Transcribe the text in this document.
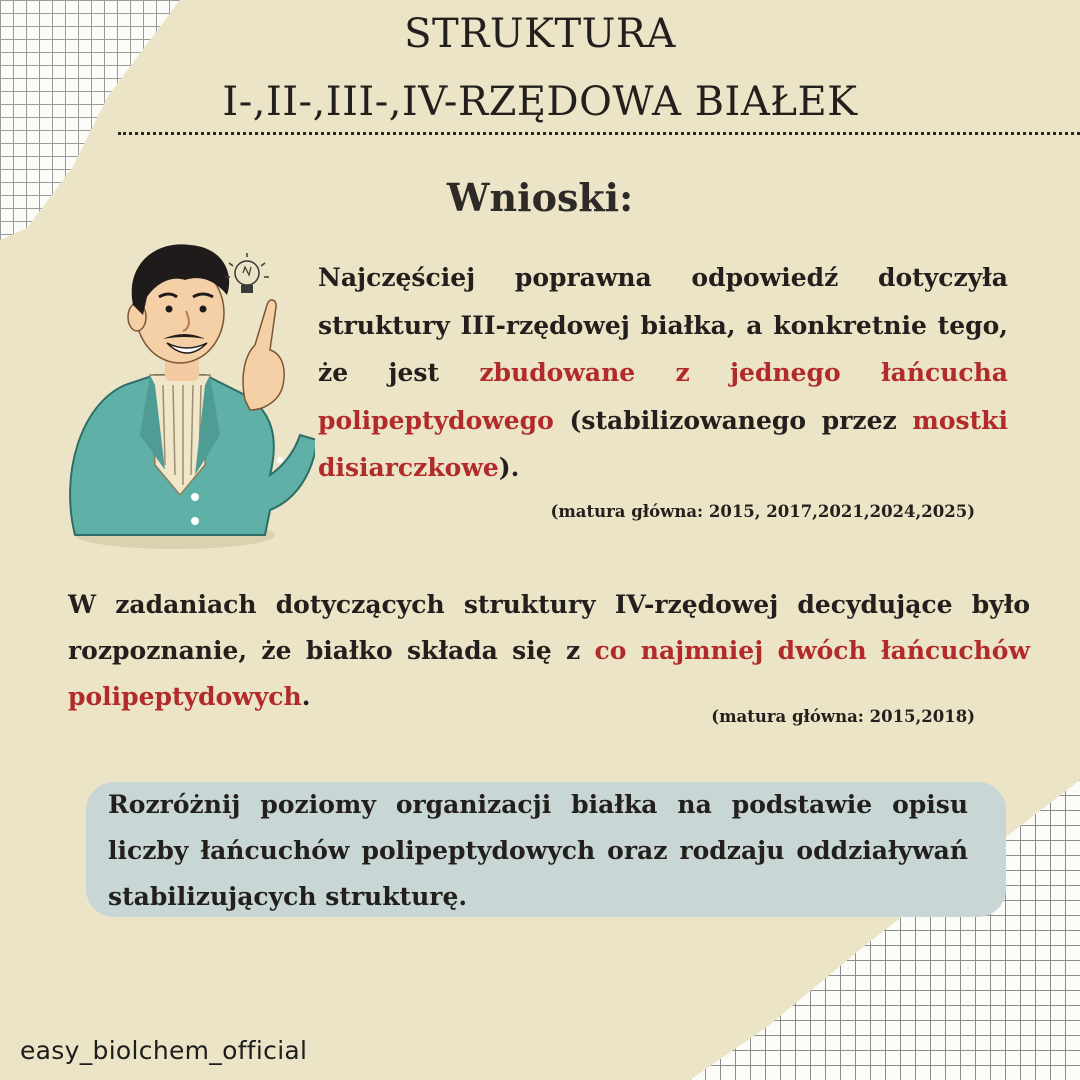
STRUKTURA
I-,II-,III-,IV-RZĘDOWA BIAŁEK
Wnioski:
Najczęściej poprawna odpowiedź dotyczyła struktury III-rzędowej białka, a konkretnie tego, że jest zbudowane z jednego łańcucha polipeptydowego (stabilizowanego przez mostki disiarczkowe).
(matura główna: 2015, 2017,2021,2024,2025)
W zadaniach dotyczących struktury IV-rzędowej decydujące było rozpoznanie, że białko składa się z co najmniej dwóch łańcuchów polipeptydowych.
(matura główna: 2015,2018)
Rozróżnij poziomy organizacji białka na podstawie opisu liczby łańcuchów polipeptydowych oraz rodzaju oddziaływań stabilizujących strukturę.
easy_biolchem_official
